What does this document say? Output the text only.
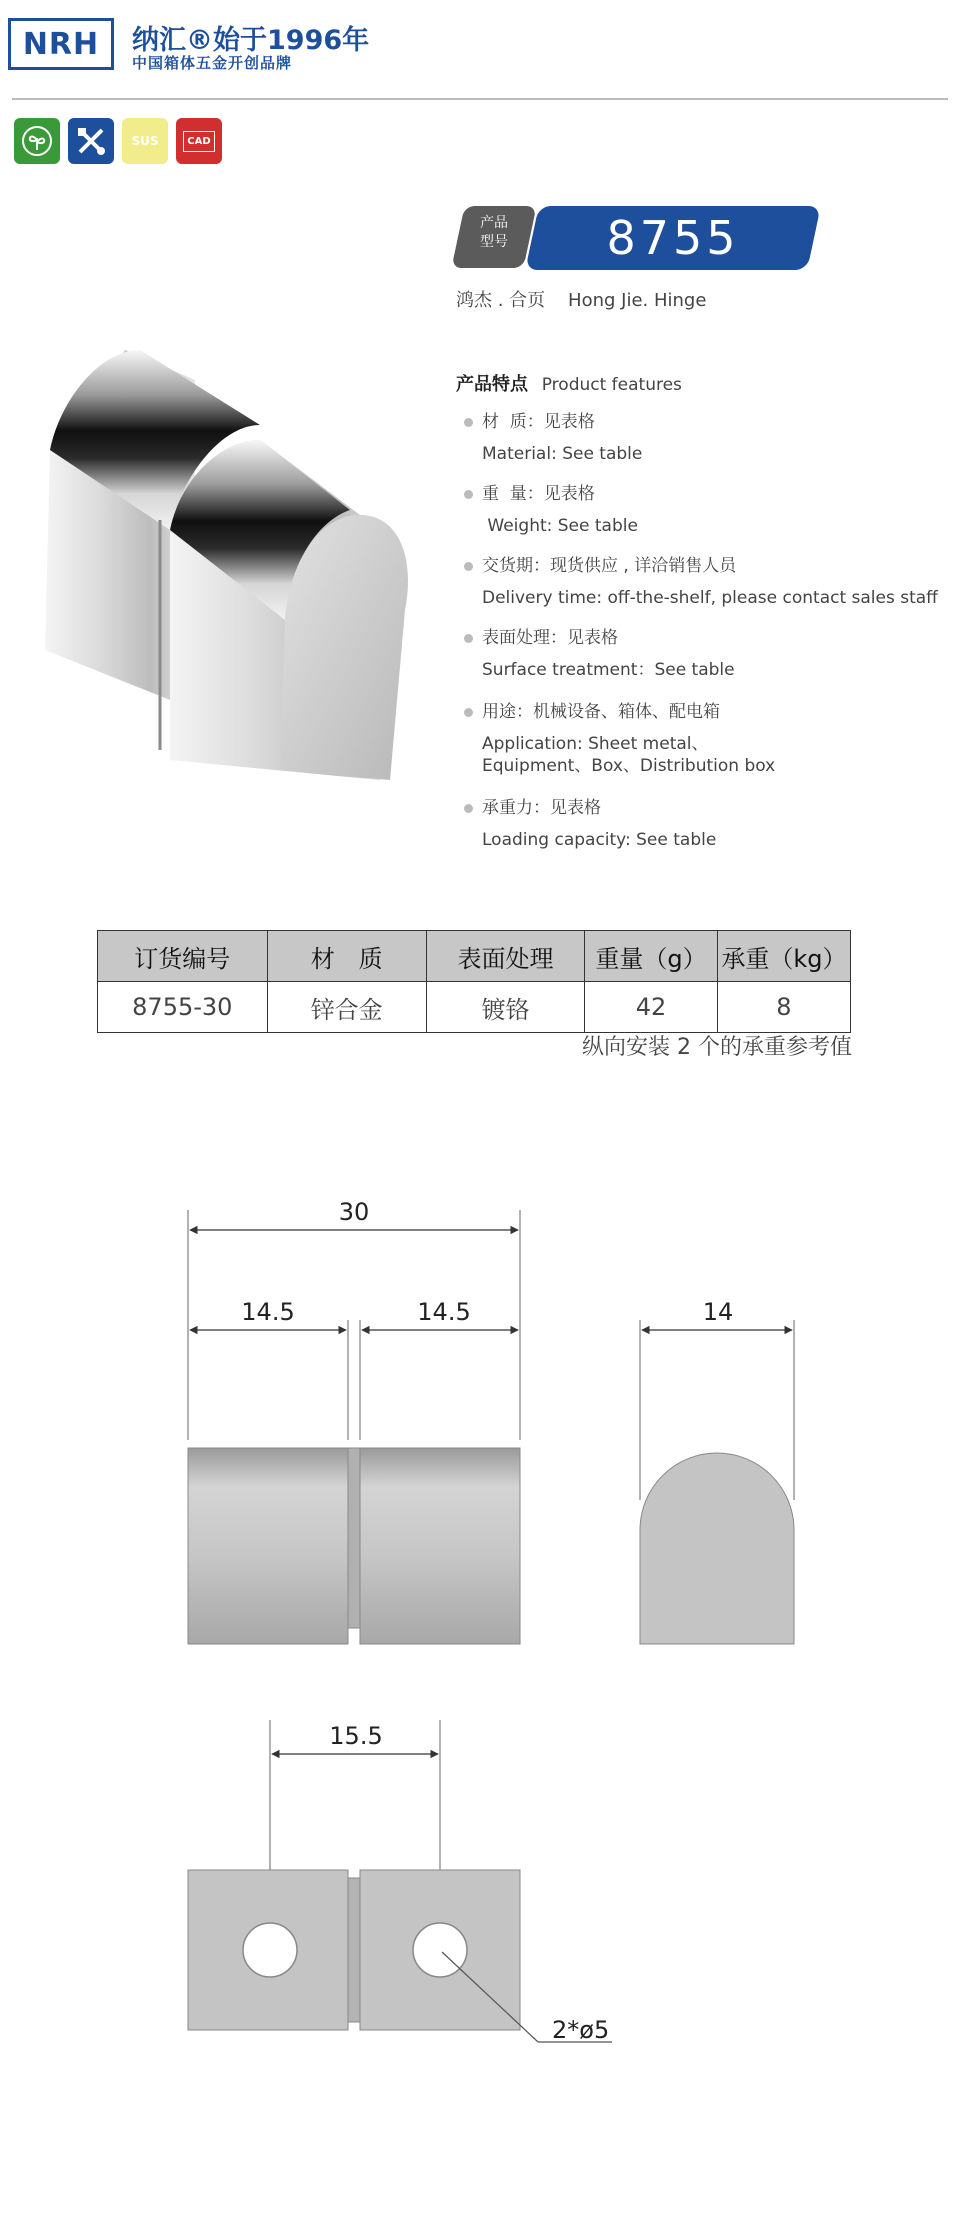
NRH 纳汇®始于1996年
中国箱体五金开创品牌
SUS	CAD
产品
型号	8755
鸿杰 . 合页    Hong Jie. Hinge
产品特点 Product features
材  质：见表格
Material: See table
重  量：见表格
Weight: See table
交货期：现货供应 , 详洽销售人员
Delivery time: off-the-shelf, please contact sales staff
表面处理：见表格
Surface treatment：See table
用途：机械设备、箱体、配电箱
Application: Sheet metal、
Equipment、Box、Distribution box
承重力：见表格
Loading capacity: See table
订货编号	材　质	表面处理	重量（g）	承重（kg）
8755-30	锌合金	镀铬	42	8
纵向安装 2 个的承重参考值
30
14.5	14.5	14
15.5
2*ø5
